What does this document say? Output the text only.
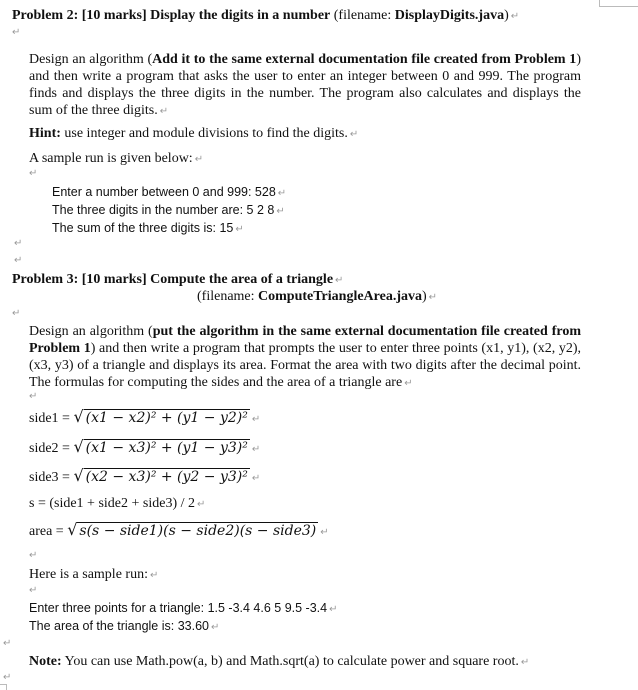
Problem 2: [10 marks] Display the digits in a number (filename: DisplayDigits.java) ↵
↵
Design an algorithm (Add it to the same external documentation file created from Problem 1) and then write a program that asks the user to enter an integer between 0 and 999. The program finds and displays the three digits in the number. The program also calculates and displays the sum of the three digits. ↵
Hint: use integer and module divisions to find the digits. ↵
A sample run is given below: ↵
↵
Enter a number between 0 and 999: 528 ↵
The three digits in the number are: 5 2 8 ↵
The sum of the three digits is: 15 ↵
↵
↵
Problem 3: [10 marks] Compute the area of a triangle ↵
(filename: ComputeTriangleArea.java) ↵
↵
Design an algorithm (put the algorithm in the same external documentation file created from Problem 1) and then write a program that prompts the user to enter three points (x1, y1), (x2, y2), (x3, y3) of a triangle and displays its area. Format the area with two digits after the decimal point. The formulas for computing the sides and the area of a triangle are ↵
↵
side1 = √ (x1 − x2)² + (y1 − y2)² ↵
side2 = √ (x1 − x3)² + (y1 − y3)² ↵
side3 = √ (x2 − x3)² + (y2 − y3)² ↵
s = (side1 + side2 + side3) / 2 ↵
area = √ s(s − side1)(s − side2)(s − side3) ↵
↵
Here is a sample run: ↵
↵
Enter three points for a triangle: 1.5 -3.4 4.6 5 9.5 -3.4 ↵
The area of the triangle is: 33.60 ↵
↵
Note: You can use Math.pow(a, b) and Math.sqrt(a) to calculate power and square root. ↵
↵
